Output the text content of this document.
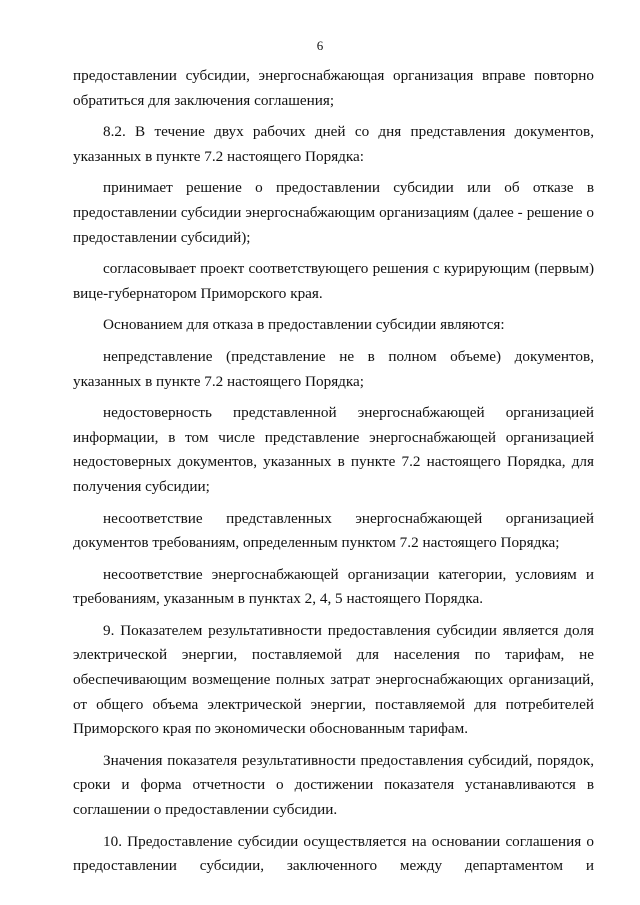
6

предоставлении субсидии, энергоснабжающая организация вправе повторно обратиться для заключения соглашения;

8.2. В течение двух рабочих дней со дня представления документов, указанных в пункте 7.2 настоящего Порядка:

принимает решение о предоставлении субсидии или об отказе в предоставлении субсидии энергоснабжающим организациям (далее - решение о предоставлении субсидий);

согласовывает проект соответствующего решения с курирующим (первым) вице-губернатором Приморского края.

Основанием для отказа в предоставлении субсидии являются:

непредставление (представление не в полном объеме) документов, указанных в пункте 7.2 настоящего Порядка;

недостоверность представленной энергоснабжающей организацией информации, в том числе представление энергоснабжающей организацией недостоверных документов, указанных в пункте 7.2 настоящего Порядка, для получения субсидии;

несоответствие представленных энергоснабжающей организацией документов требованиям, определенным пунктом 7.2 настоящего Порядка;

несоответствие энергоснабжающей организации категории, условиям и требованиям, указанным в пунктах 2, 4, 5 настоящего Порядка.

9. Показателем результативности предоставления субсидии является доля электрической энергии, поставляемой для населения по тарифам, не обеспечивающим возмещение полных затрат энергоснабжающих организаций, от общего объема электрической энергии, поставляемой для потребителей Приморского края по экономически обоснованным тарифам.

Значения показателя результативности предоставления субсидий, порядок, сроки и форма отчетности о достижении показателя устанавливаются в соглашении о предоставлении субсидии.

10. Предоставление субсидии осуществляется на основании соглашения о предоставлении субсидии, заключенного между департаментом и
